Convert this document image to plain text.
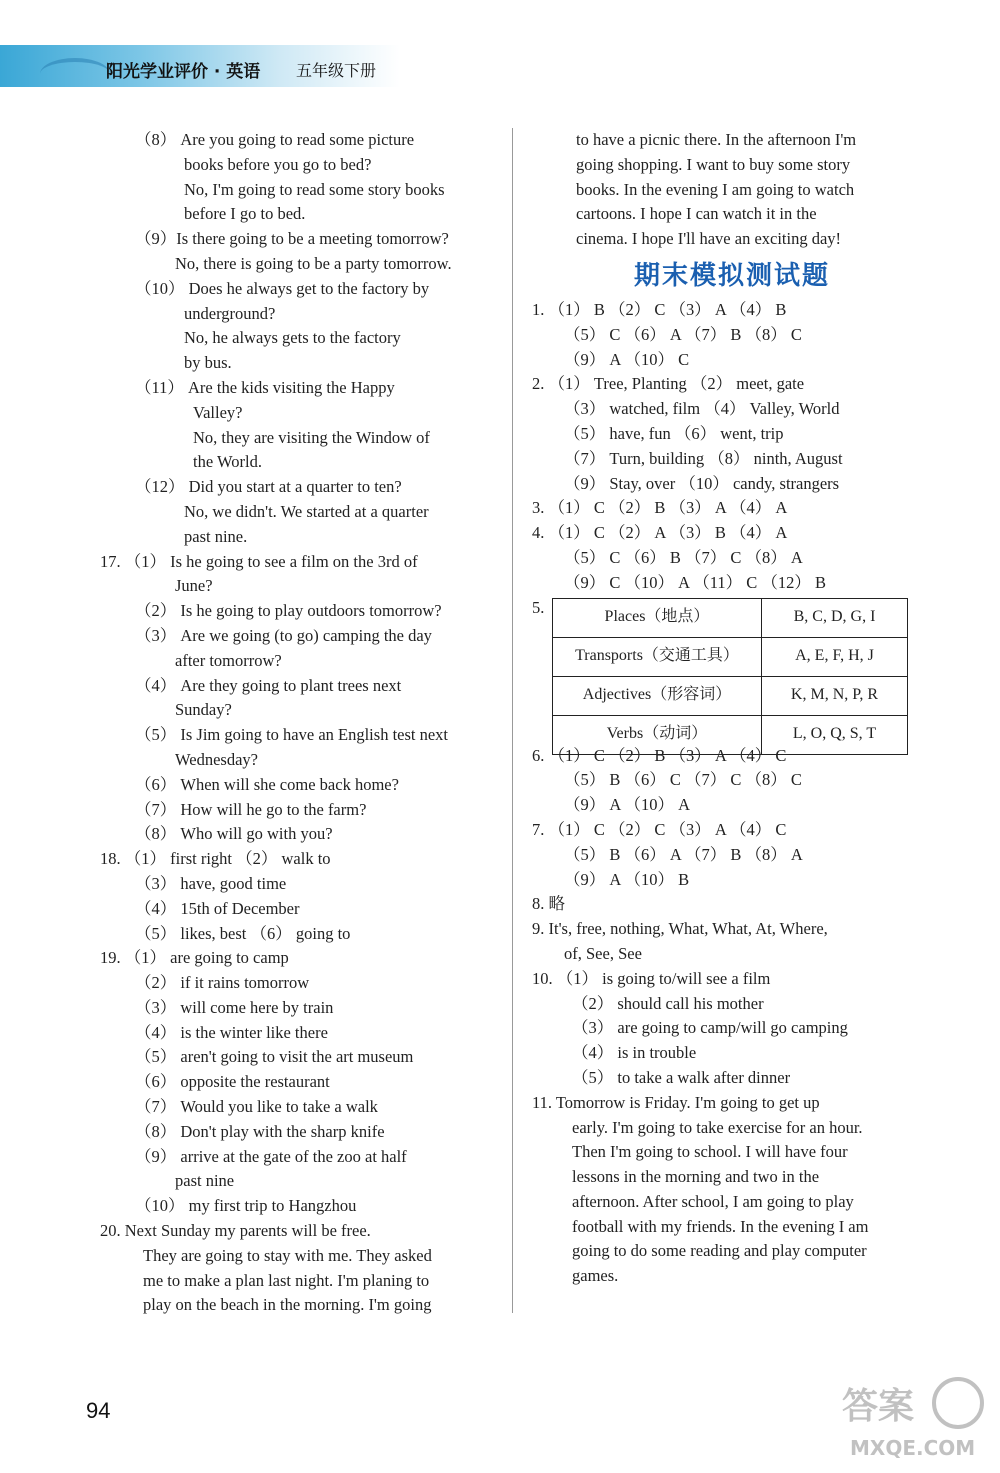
阳光学业评价 · 英语 五年级下册
（8） Are you going to read some picture
books before you go to bed?
No, I'm going to read some story books
before I go to bed.
（9）Is there going to be a meeting tomorrow?
No, there is going to be a party tomorrow.
（10） Does he always get to the factory by
underground?
No, he always gets to the factory
by bus.
（11） Are the kids visiting the Happy
Valley?
No, they are visiting the Window of
the World.
（12） Did you start at a quarter to ten?
No, we didn't. We started at a quarter
past nine.
17. （1） Is he going to see a film on the 3rd of
June?
（2） Is he going to play outdoors tomorrow?
（3） Are we going (to go) camping the day
after tomorrow?
（4） Are they going to plant trees next
Sunday?
（5） Is Jim going to have an English test next
Wednesday?
（6） When will she come back home?
（7） How will he go to the farm?
（8） Who will go with you?
18. （1） first right （2） walk to
（3） have, good time
（4） 15th of December
（5） likes, best （6） going to
19. （1） are going to camp
（2） if it rains tomorrow
（3） will come here by train
（4） is the winter like there
（5） aren't going to visit the art museum
（6） opposite the restaurant
（7） Would you like to take a walk
（8） Don't play with the sharp knife
（9） arrive at the gate of the zoo at half
past nine
（10） my first trip to Hangzhou
20. Next Sunday my parents will be free.
They are going to stay with me. They asked
me to make a plan last night. I'm planing to
play on the beach in the morning. I'm going
to have a picnic there. In the afternoon I'm
going shopping. I want to buy some story
books. In the evening I am going to watch
cartoons. I hope I can watch it in the
cinema. I hope I'll have an exciting day!
期末模拟测试题
1. （1） B （2） C （3） A （4） B
（5） C （6） A （7） B （8） C
（9） A （10） C
2. （1） Tree, Planting （2） meet, gate
（3） watched, film （4） Valley, World
（5） have, fun （6） went, trip
（7） Turn, building （8） ninth, August
（9） Stay, over （10） candy, strangers
3. （1） C （2） B （3） A （4） A
4. （1） C （2） A （3） B （4） A
（5） C （6） B （7） C （8） A
（9） C （10） A （11） C （12） B
5.
Places（地点）	B, C, D, G, I
Transports（交通工具）	A, E, F, H, J
Adjectives（形容词）	K, M, N, P, R
Verbs（动词）	L, O, Q, S, T
6. （1） C （2） B （3） A （4） C
（5） B （6） C （7） C （8） C
（9） A （10） A
7. （1） C （2） C （3） A （4） C
（5） B （6） A （7） B （8） A
（9） A （10） B
8. 略
9. It's, free, nothing, What, What, At, Where,
of, See, See
10. （1） is going to/will see a film
（2） should call his mother
（3） are going to camp/will go camping
（4） is in trouble
（5） to take a walk after dinner
11. Tomorrow is Friday. I'm going to get up
early. I'm going to take exercise for an hour.
Then I'm going to school. I will have four
lessons in the morning and two in the
afternoon. After school, I am going to play
football with my friends. In the evening I am
going to do some reading and play computer
games.
94	答案
MXQE.COM
